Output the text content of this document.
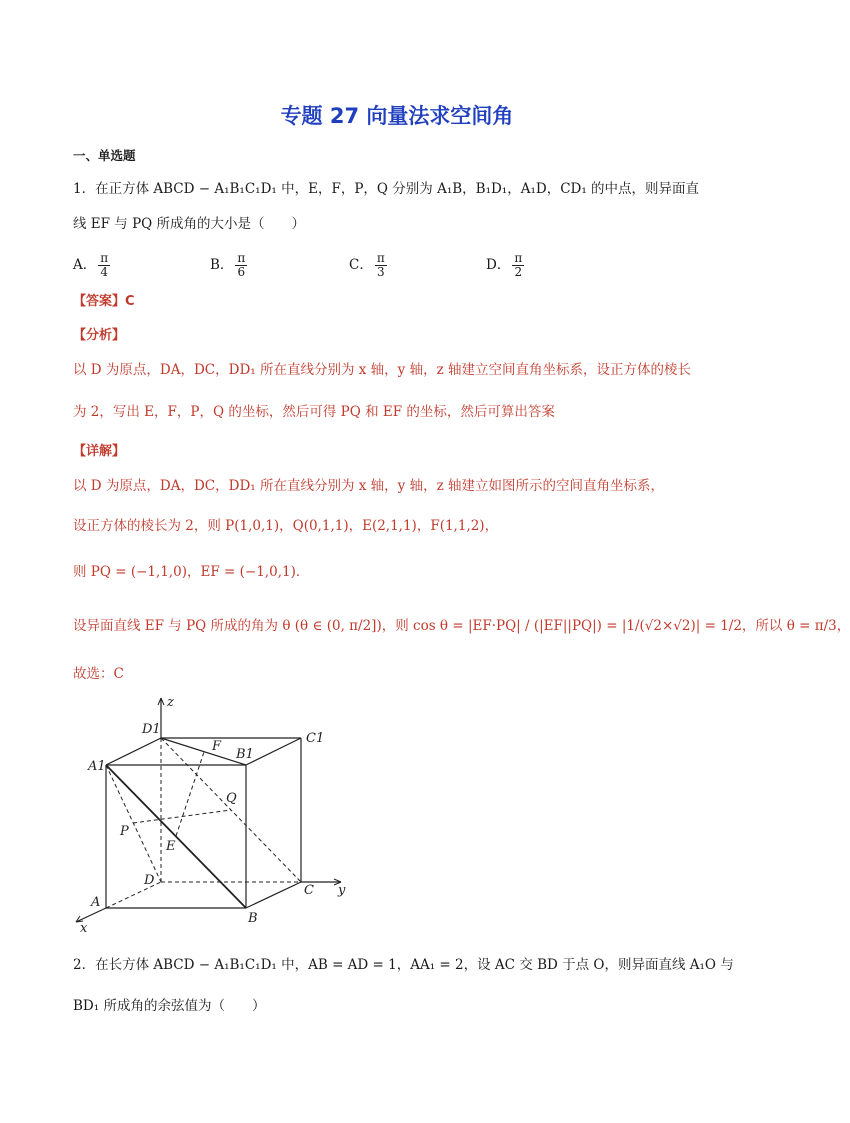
专题 27 向量法求空间角
一、单选题
1．在正方体 ABCD − A₁B₁C₁D₁ 中，E，F，P，Q 分别为 A₁B，B₁D₁，A₁D，CD₁ 的中点，则异面直
线 EF 与 PQ 所成角的大小是（　　）
A． $\frac{\pi}{4}$	B． $\frac{\pi}{6}$	C． $\frac{\pi}{3}$	D． $\frac{\pi}{2}$
【答案】C
【分析】
以 D 为原点，DA，DC，DD₁ 所在直线分别为 x 轴，y 轴，z 轴建立空间直角坐标系，设正方体的棱长
为 2，写出 E，F，P，Q 的坐标，然后可得 PQ 和 EF 的坐标，然后可算出答案
【详解】
以 D 为原点，DA，DC，DD₁ 所在直线分别为 x 轴，y 轴，z 轴建立如图所示的空间直角坐标系，
设正方体的棱长为 2，则 P(1,0,1)，Q(0,1,1)，E(2,1,1)，F(1,1,2)，
则 PQ = (−1,1,0)，EF = (−1,0,1)．
设异面直线 EF 与 PQ 所成的角为 θ (θ ∈ (0, π/2])，则 cos θ = |EF·PQ| / (|EF||PQ|) = |1/(√2×√2)| = 1/2，所以 θ = π/3，
故选：C
z
D1
F
B1
C1
A1
Q
P
E
D
C y
A
B
x
2．在长方体 ABCD − A₁B₁C₁D₁ 中，AB = AD = 1，AA₁ = 2，设 AC 交 BD 于点 O，则异面直线 A₁O 与
BD₁ 所成角的余弦值为（　　）
